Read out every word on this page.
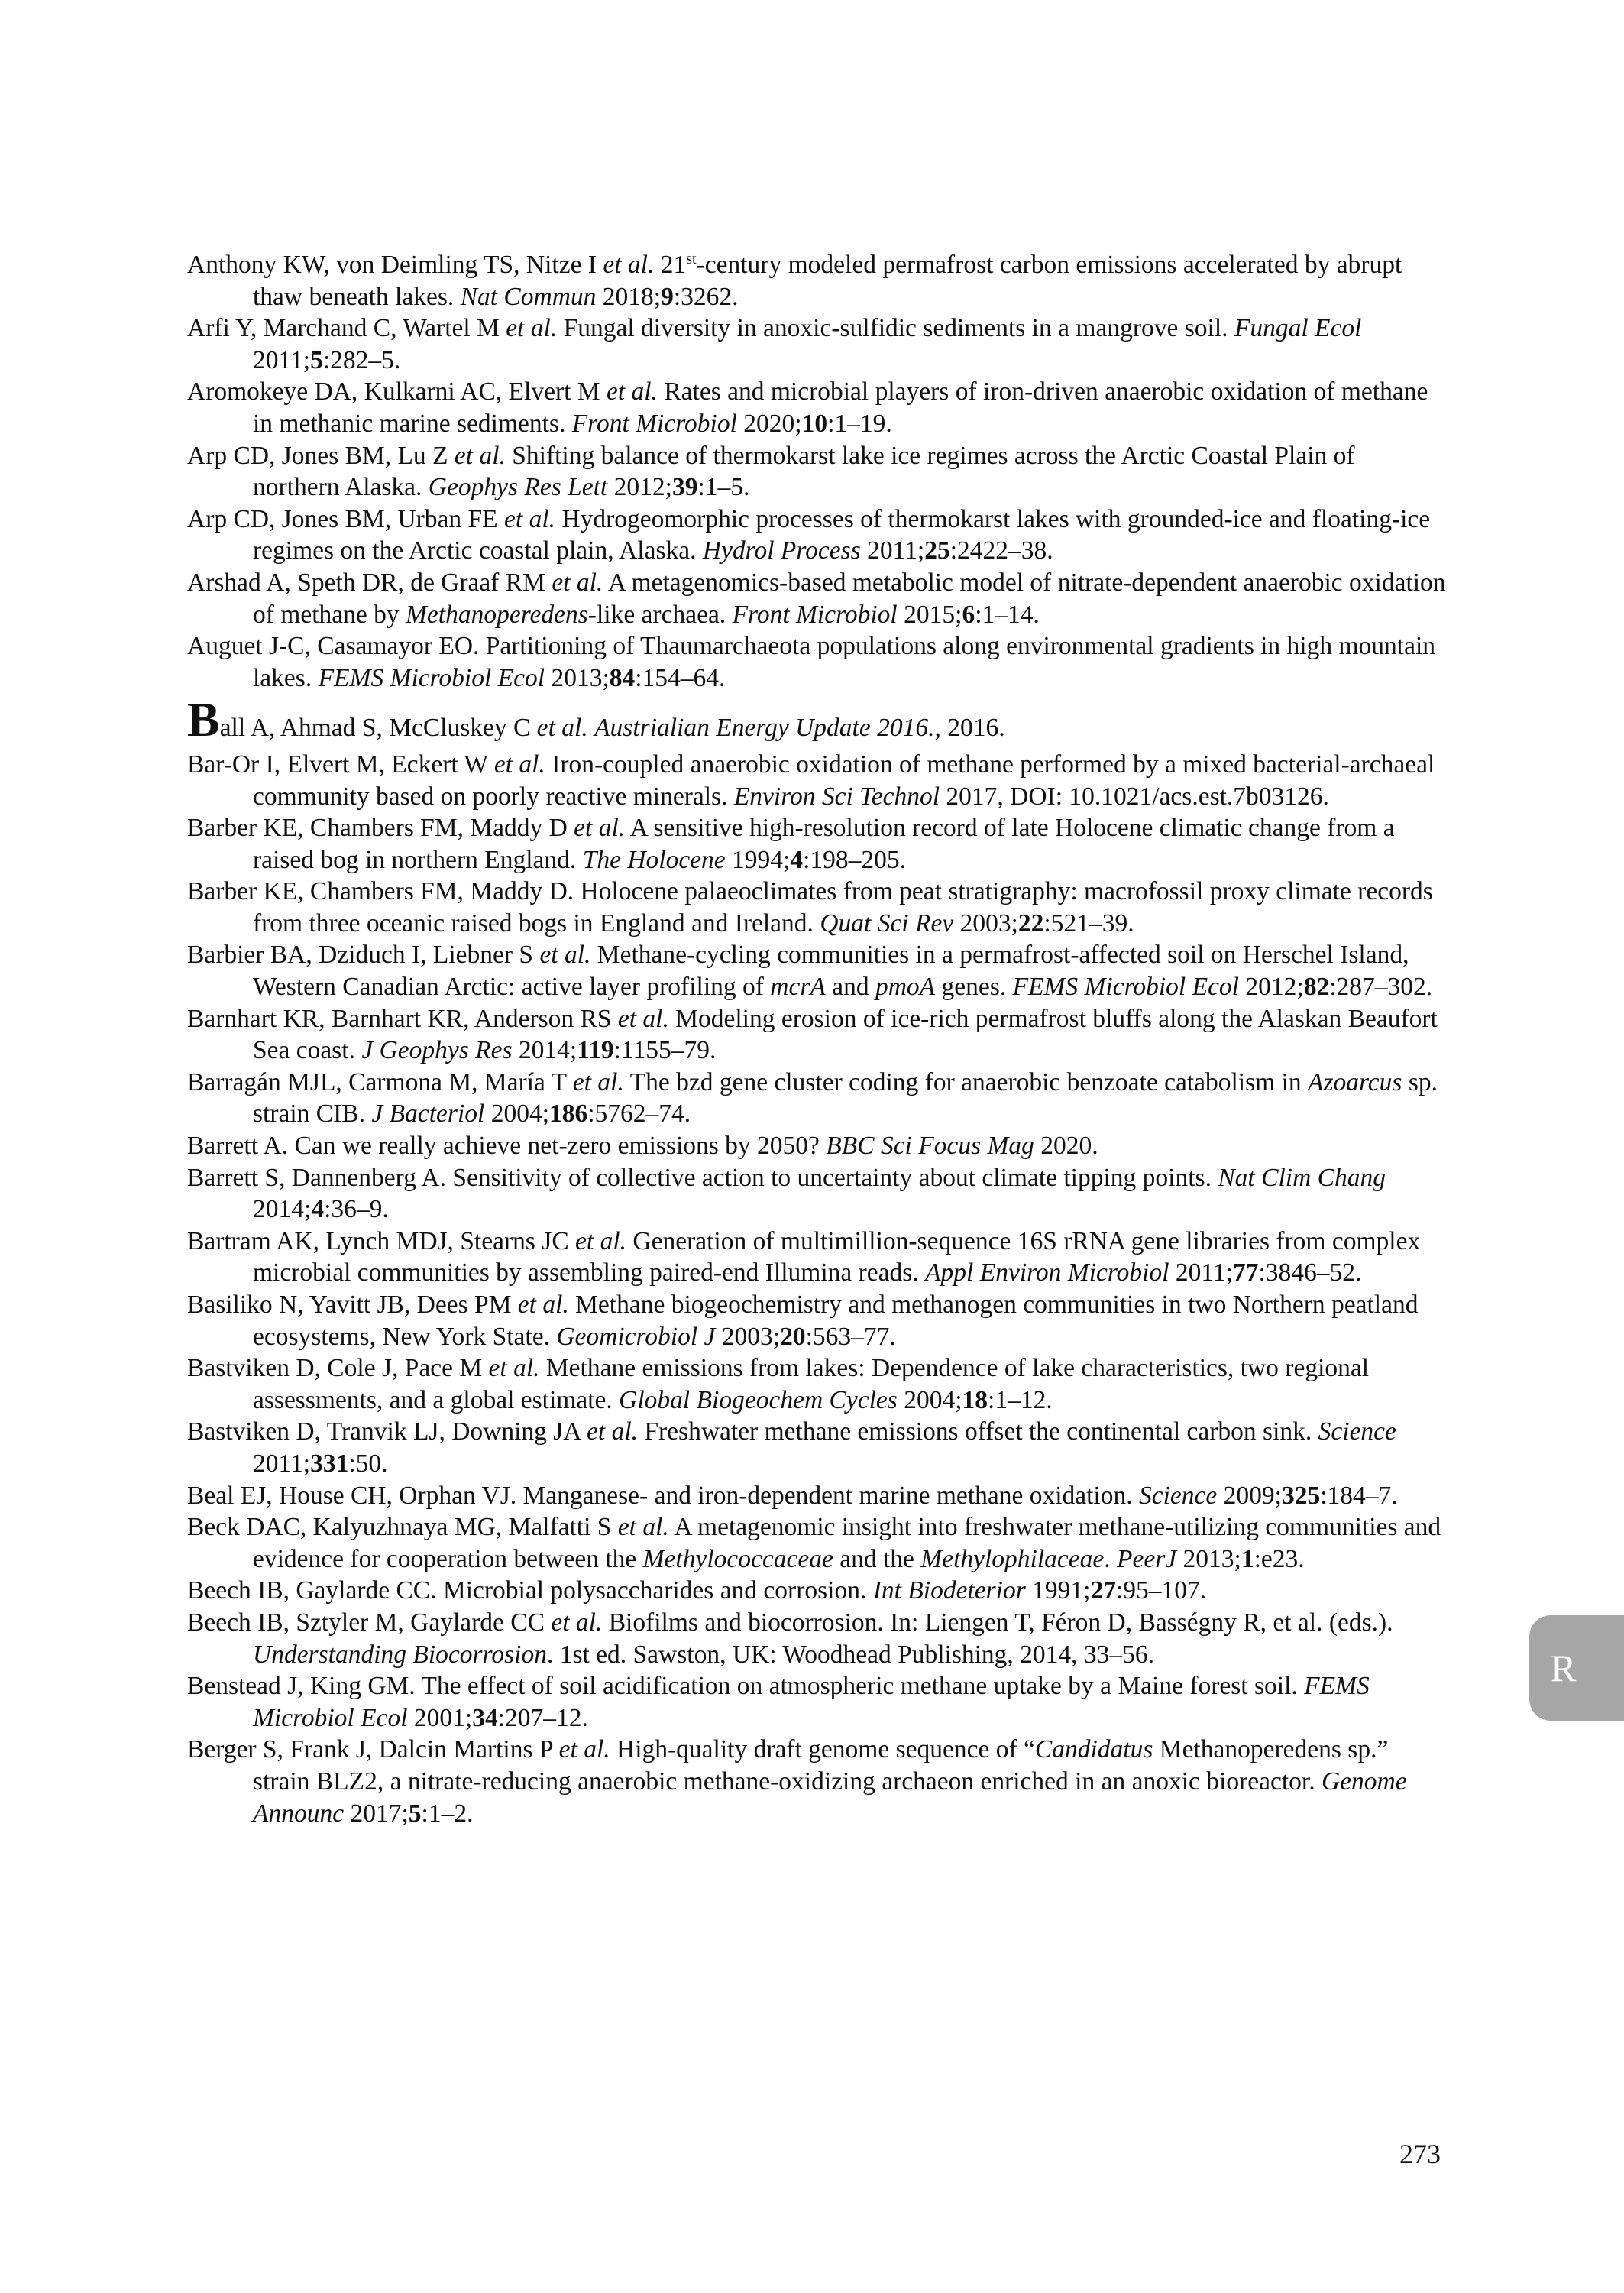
Anthony KW, von Deimling TS, Nitze I et al. 21st-century modeled permafrost carbon emissions accelerated by abrupt thaw beneath lakes. Nat Commun 2018;9:3262.

Arfi Y, Marchand C, Wartel M et al. Fungal diversity in anoxic-sulfidic sediments in a mangrove soil. Fungal Ecol 2011;5:282–5.

Aromokeye DA, Kulkarni AC, Elvert M et al. Rates and microbial players of iron-driven anaerobic oxidation of methane in methanic marine sediments. Front Microbiol 2020;10:1–19.

Arp CD, Jones BM, Lu Z et al. Shifting balance of thermokarst lake ice regimes across the Arctic Coastal Plain of northern Alaska. Geophys Res Lett 2012;39:1–5.

Arp CD, Jones BM, Urban FE et al. Hydrogeomorphic processes of thermokarst lakes with grounded-ice and floating-ice regimes on the Arctic coastal plain, Alaska. Hydrol Process 2011;25:2422–38.

Arshad A, Speth DR, de Graaf RM et al. A metagenomics-based metabolic model of nitrate-dependent anaerobic oxidation of methane by Methanoperedens-like archaea. Front Microbiol 2015;6:1–14.

Auguet J-C, Casamayor EO. Partitioning of Thaumarchaeota populations along environmental gradients in high mountain lakes. FEMS Microbiol Ecol 2013;84:154–64.

Ball A, Ahmad S, McCluskey C et al. Austrialian Energy Update 2016., 2016.

Bar-Or I, Elvert M, Eckert W et al. Iron-coupled anaerobic oxidation of methane performed by a mixed bacterial-archaeal community based on poorly reactive minerals. Environ Sci Technol 2017, DOI: 10.1021/acs.est.7b03126.

Barber KE, Chambers FM, Maddy D et al. A sensitive high-resolution record of late Holocene climatic change from a raised bog in northern England. The Holocene 1994;4:198–205.

Barber KE, Chambers FM, Maddy D. Holocene palaeoclimates from peat stratigraphy: macrofossil proxy climate records from three oceanic raised bogs in England and Ireland. Quat Sci Rev 2003;22:521–39.

Barbier BA, Dziduch I, Liebner S et al. Methane-cycling communities in a permafrost-affected soil on Herschel Island, Western Canadian Arctic: active layer profiling of mcrA and pmoA genes. FEMS Microbiol Ecol 2012;82:287–302.

Barnhart KR, Barnhart KR, Anderson RS et al. Modeling erosion of ice-rich permafrost bluffs along the Alaskan Beaufort Sea coast. J Geophys Res 2014;119:1155–79.

Barragán MJL, Carmona M, María T et al. The bzd gene cluster coding for anaerobic benzoate catabolism in Azoarcus sp. strain CIB. J Bacteriol 2004;186:5762–74.

Barrett A. Can we really achieve net-zero emissions by 2050? BBC Sci Focus Mag 2020.

Barrett S, Dannenberg A. Sensitivity of collective action to uncertainty about climate tipping points. Nat Clim Chang 2014;4:36–9.

Bartram AK, Lynch MDJ, Stearns JC et al. Generation of multimillion-sequence 16S rRNA gene libraries from complex microbial communities by assembling paired-end Illumina reads. Appl Environ Microbiol 2011;77:3846–52.

Basiliko N, Yavitt JB, Dees PM et al. Methane biogeochemistry and methanogen communities in two Northern peatland ecosystems, New York State. Geomicrobiol J 2003;20:563–77.

Bastviken D, Cole J, Pace M et al. Methane emissions from lakes: Dependence of lake characteristics, two regional assessments, and a global estimate. Global Biogeochem Cycles 2004;18:1–12.

Bastviken D, Tranvik LJ, Downing JA et al. Freshwater methane emissions offset the continental carbon sink. Science 2011;331:50.

Beal EJ, House CH, Orphan VJ. Manganese- and iron-dependent marine methane oxidation. Science 2009;325:184–7.

Beck DAC, Kalyuzhnaya MG, Malfatti S et al. A metagenomic insight into freshwater methane-utilizing communities and evidence for cooperation between the Methylococcaceae and the Methylophilaceae. PeerJ 2013;1:e23.

Beech IB, Gaylarde CC. Microbial polysaccharides and corrosion. Int Biodeterior 1991;27:95–107.

Beech IB, Sztyler M, Gaylarde CC et al. Biofilms and biocorrosion. In: Liengen T, Féron D, Basségny R, et al. (eds.). Understanding Biocorrosion. 1st ed. Sawston, UK: Woodhead Publishing, 2014, 33–56.

Benstead J, King GM. The effect of soil acidification on atmospheric methane uptake by a Maine forest soil. FEMS Microbiol Ecol 2001;34:207–12.

Berger S, Frank J, Dalcin Martins P et al. High-quality draft genome sequence of “Candidatus Methanoperedens sp.” strain BLZ2, a nitrate-reducing anaerobic methane-oxidizing archaeon enriched in an anoxic bioreactor. Genome Announc 2017;5:1–2.

R
273
